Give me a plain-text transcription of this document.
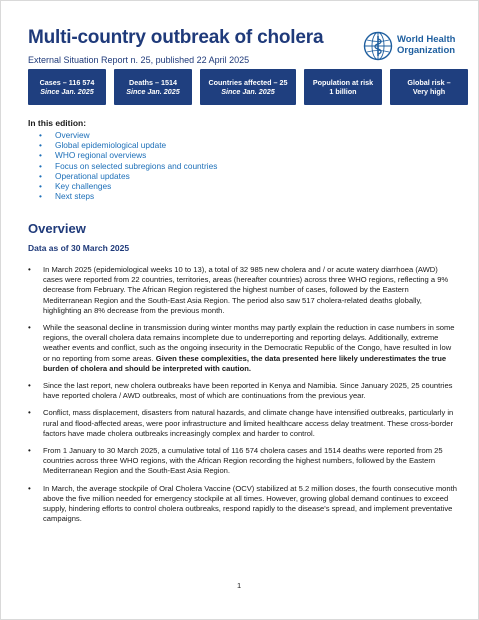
Multi-country outbreak of cholera
External Situation Report n. 25, published 22 April 2025
World Health
Organization
Cases – 116 574
Since Jan. 2025
Deaths – 1514
Since Jan. 2025
Countries affected – 25
Since Jan. 2025
Population at risk
1 billion
Global risk –
Very high
In this edition:
• Overview
• Global epidemiological update
• WHO regional overviews
• Focus on selected subregions and countries
• Operational updates
• Key challenges
• Next steps
Overview
Data as of 30 March 2025
• In March 2025 (epidemiological weeks 10 to 13), a total of 32 985 new cholera and / or acute watery diarrhoea (AWD) cases were reported from 22 countries, territories, areas (hereafter countries) across three WHO regions, reflecting a 9% decrease from February. The African Region registered the highest number of cases, followed by the Eastern Mediterranean Region and the South-East Asia Region. The period also saw 517 cholera-related deaths globally, highlighting an 8% decrease from the previous month.
• While the seasonal decline in transmission during winter months may partly explain the reduction in case numbers in some regions, the overall cholera data remains incomplete due to underreporting and reporting delays. Additionally, extreme weather events and conflict, such as the ongoing insecurity in the Democratic Republic of the Congo, have resulted in low or no reporting from some areas. Given these complexities, the data presented here likely underestimates the true burden of cholera and should be interpreted with caution.
• Since the last report, new cholera outbreaks have been reported in Kenya and Namibia. Since January 2025, 25 countries have reported cholera / AWD outbreaks, most of which are continuations from the previous year.
• Conflict, mass displacement, disasters from natural hazards, and climate change have intensified outbreaks, particularly in rural and flood-affected areas, were poor infrastructure and limited healthcare access delay treatment. These cross-border factors have made cholera outbreaks increasingly complex and harder to control.
• From 1 January to 30 March 2025, a cumulative total of 116 574 cholera cases and 1514 deaths were reported from 25 countries across three WHO regions, with the African Region recording the highest numbers, followed by the Eastern Mediterranean Region and the South-East Asia Region.
• In March, the average stockpile of Oral Cholera Vaccine (OCV) stabilized at 5.2 million doses, the fourth consecutive month above the five million needed for emergency stockpile at all times. However, growing global demand continues to exceed supply, hindering efforts to control cholera outbreaks, respond rapidly to the disease's spread, and implement preventative campaigns.
1
